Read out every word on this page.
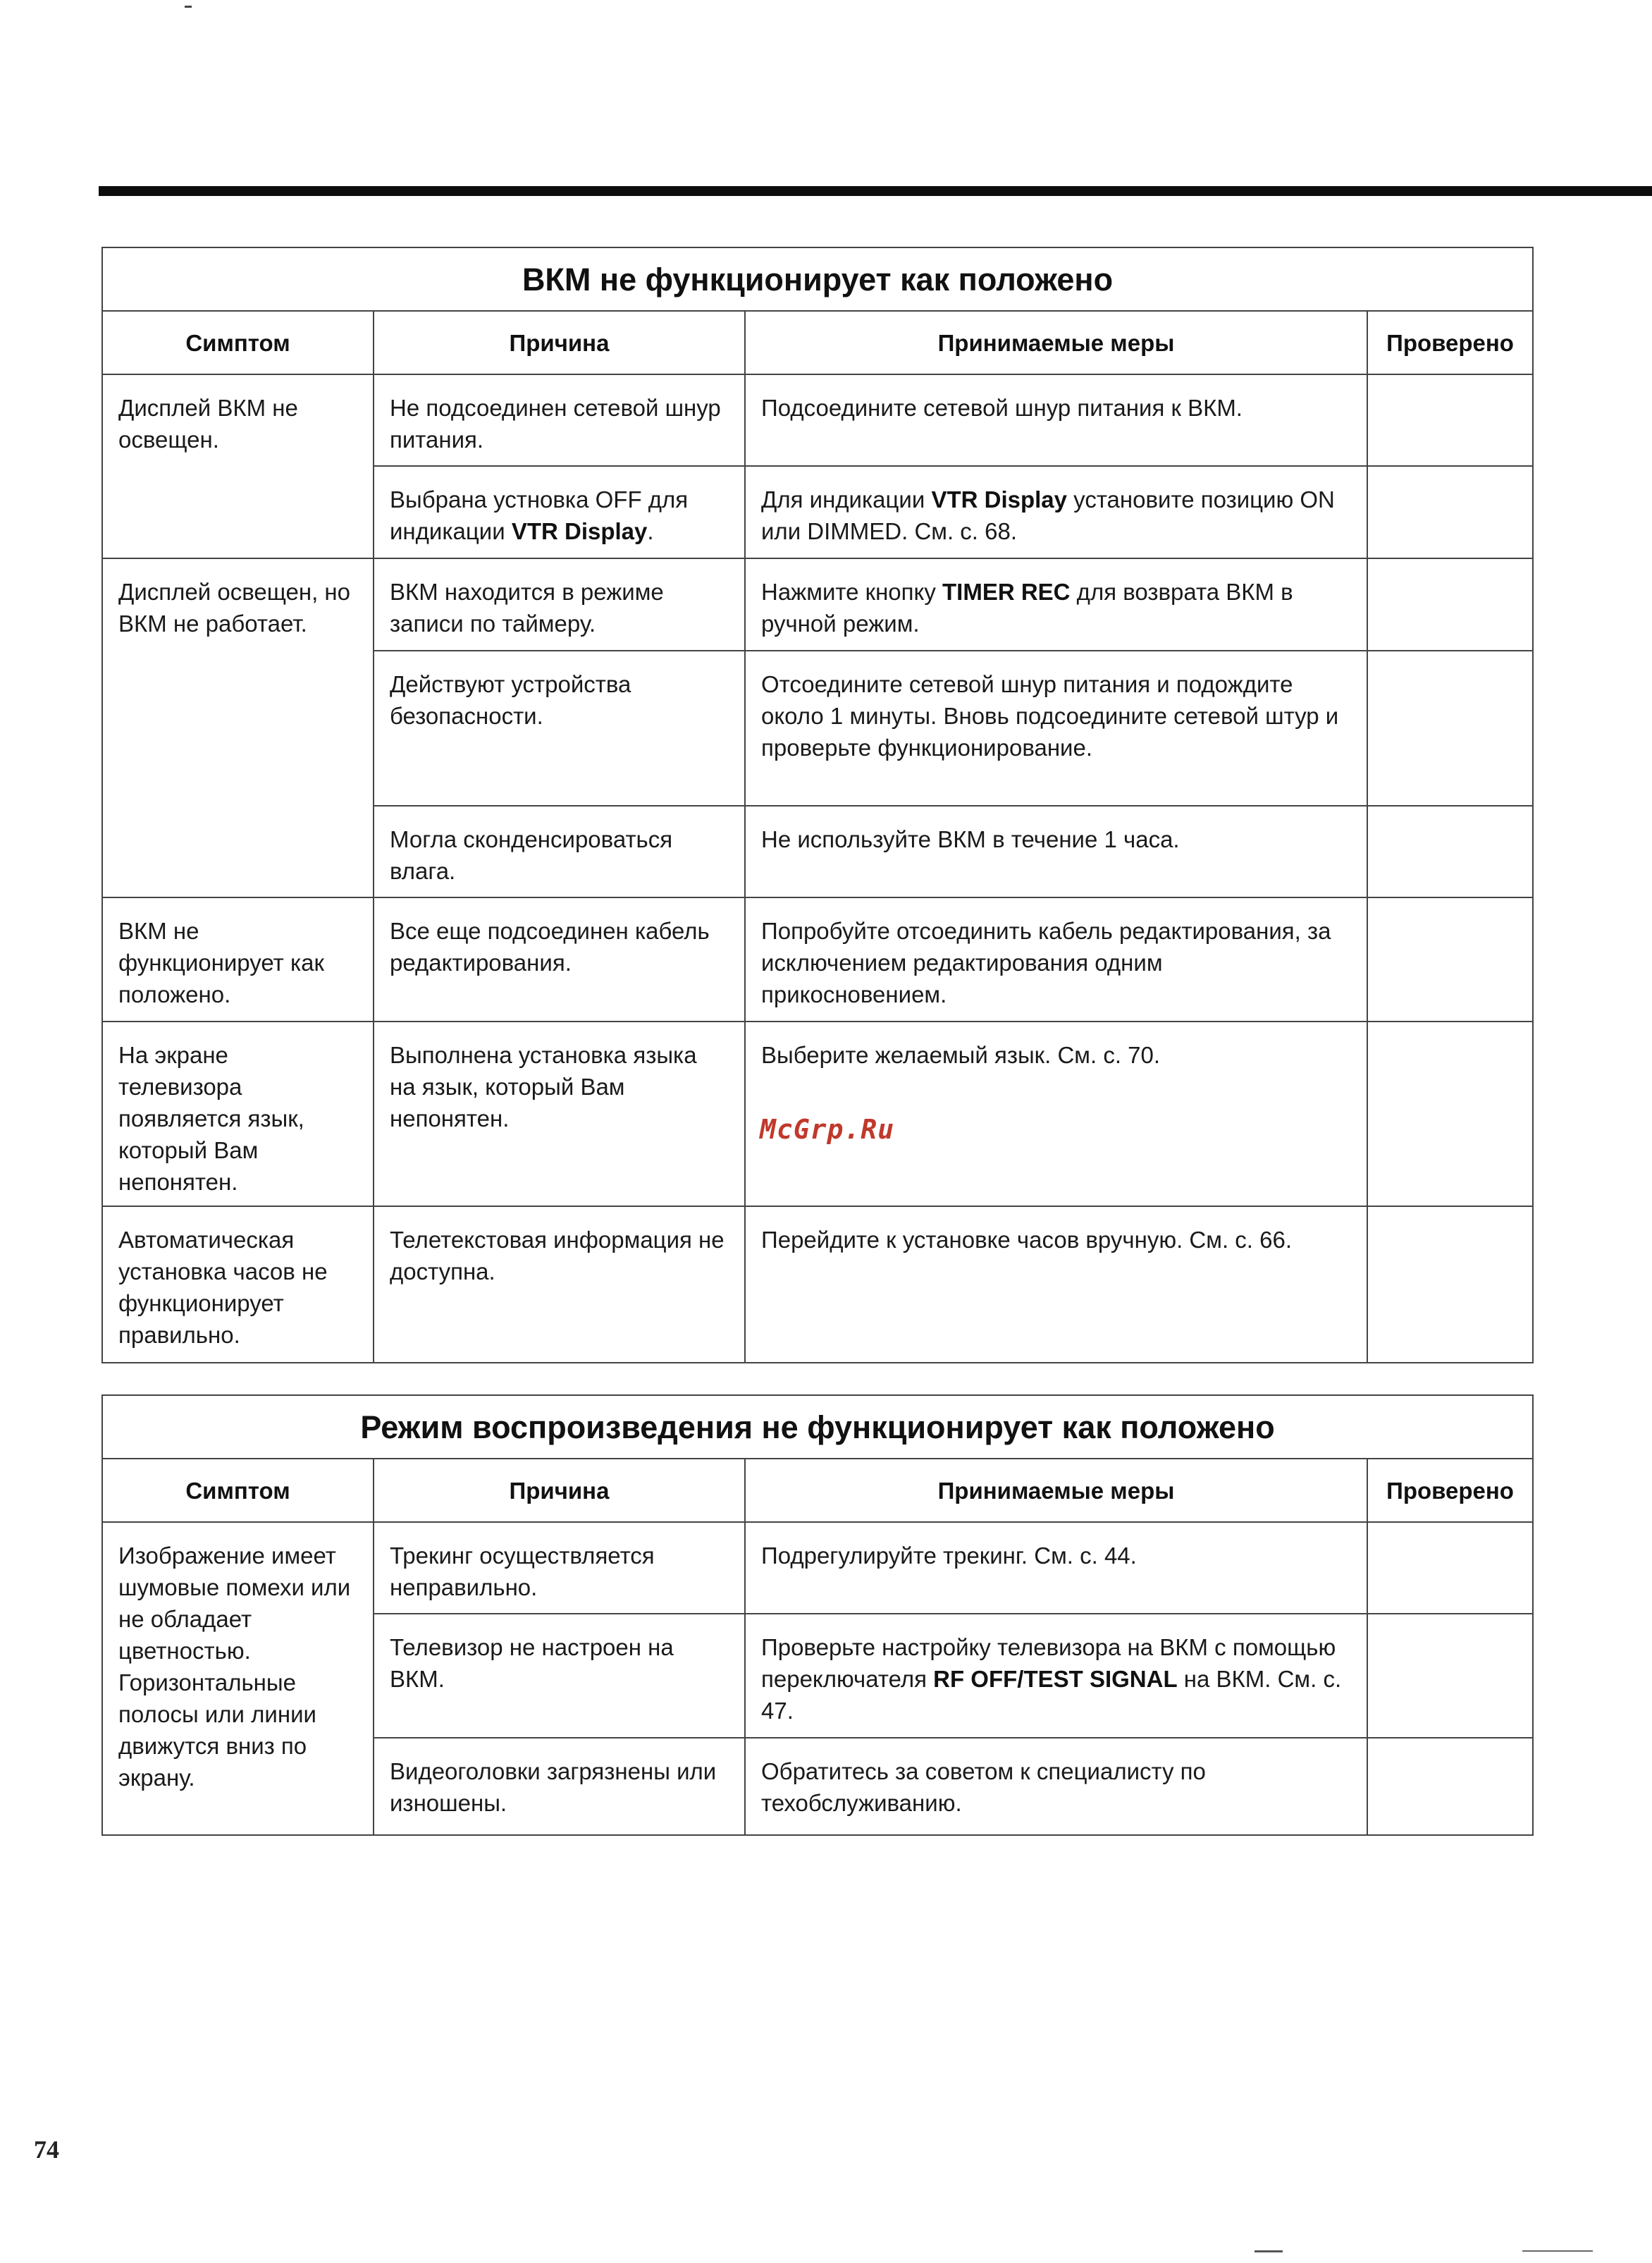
ВКМ не функционирует как положено			
Симптом	Причина	Принимаемые меры	Проверено
Дисплей ВКМ не освещен.	Не подсоединен сетевой шнур питания.	Подсоедините сетевой шнур питания к ВКМ.	
	Выбрана устновка OFF для индикации VTR Display.	Для индикации VTR Display установите позицию ON или DIMMED. См. с. 68.	
Дисплей освещен, но ВКМ не работает.	ВКМ находится в режиме записи по таймеру.	Нажмите кнопку TIMER REC для возврата ВКМ в ручной режим.	
	Действуют устройства безопасности.	Отсоедините сетевой шнур питания и подождите около 1 минуты. Вновь подсоедините сетевой штур и проверьте функционирование.	
	Могла сконденсироваться влага.	Не используйте ВКМ в течение 1 часа.	
ВКМ не функционирует как положено.	Все еще подсоединен кабель редактирования.	Попробуйте отсоединить кабель редактирования, за исключением редактирования одним прикосновением.	
На экране телевизора появляется язык, который Вам непонятен.	Выполнена установка языка на язык, который Вам непонятен.	Выберите желаемый язык. См. с. 70.	
Автоматическая установка часов не функционирует правильно.	Телетекстовая информация не доступна.	Перейдите к установке часов вручную. См. с. 66.	
Режим воспроизведения не функционирует как положено			
Симптом	Причина	Принимаемые меры	Проверено
Изображение имеет шумовые помехи или не обладает цветностью. Горизонтальные полосы или линии движутся вниз по экрану.	Трекинг осуществляется неправильно.	Подрегулируйте трекинг. См. с. 44.	
	Телевизор не настроен на ВКМ.	Проверьте настройку телевизора на ВКМ с помощью переключателя RF OFF/TEST SIGNAL на ВКМ. См. с. 47.	
	Видеоголовки загрязнены или изношены.	Обратитесь за советом к специалисту по техобслуживанию.	
McGrp.Ru
74
